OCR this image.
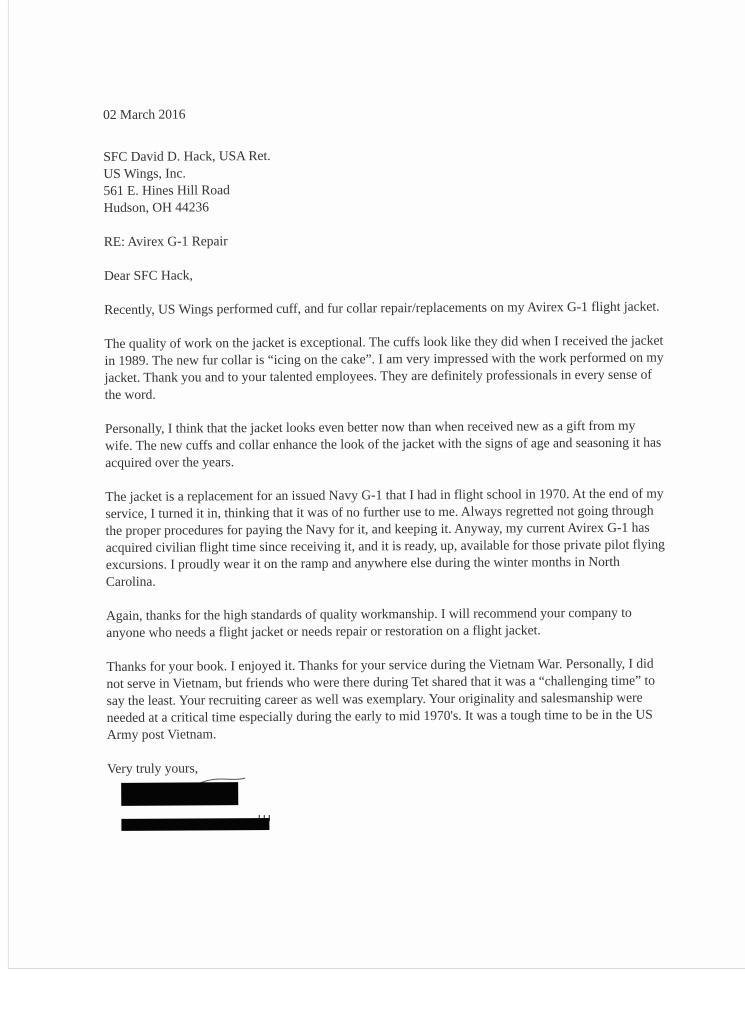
02 March 2016
SFC David D. Hack, USA Ret.
US Wings, Inc.
561 E. Hines Hill Road
Hudson, OH 44236
RE: Avirex G-1 Repair
Dear SFC Hack,

Recently, US Wings performed cuff, and fur collar repair/replacements on my Avirex G-1 flight jacket.

The quality of work on the jacket is exceptional. The cuffs look like they did when I received the jacket in 1989. The new fur collar is “icing on the cake”. I am very impressed with the work performed on my jacket. Thank you and to your talented employees. They are definitely professionals in every sense of the word.

Personally, I think that the jacket looks even better now than when received new as a gift from my wife. The new cuffs and collar enhance the look of the jacket with the signs of age and seasoning it has acquired over the years.

The jacket is a replacement for an issued Navy G-1 that I had in flight school in 1970. At the end of my service, I turned it in, thinking that it was of no further use to me. Always regretted not going through the proper procedures for paying the Navy for it, and keeping it. Anyway, my current Avirex G-1 has acquired civilian flight time since receiving it, and it is ready, up, available for those private pilot flying excursions. I proudly wear it on the ramp and anywhere else during the winter months in North Carolina.

Again, thanks for the high standards of quality workmanship. I will recommend your company to anyone who needs a flight jacket or needs repair or restoration on a flight jacket.

Thanks for your book. I enjoyed it. Thanks for your service during the Vietnam War. Personally, I did not serve in Vietnam, but friends who were there during Tet shared that it was a “challenging time” to say the least. Your recruiting career as well was exemplary. Your originality and salesmanship were needed at a critical time especially during the early to mid 1970's. It was a tough time to be in the US Army post Vietnam.

Very truly yours,
